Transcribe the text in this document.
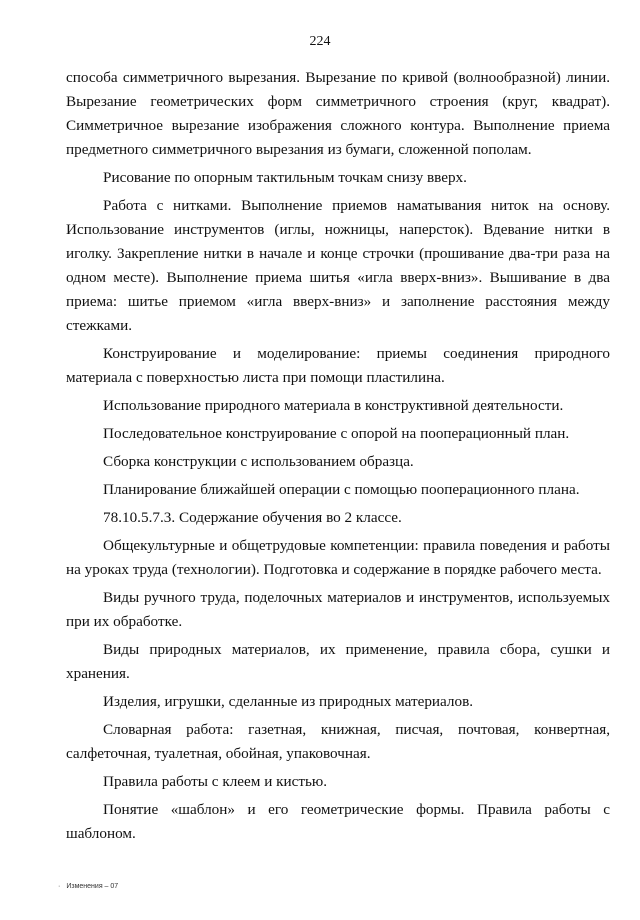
224

способа симметричного вырезания. Вырезание по кривой (волнообразной) линии. Вырезание геометрических форм симметричного строения (круг, квадрат). Симметричное вырезание изображения сложного контура. Выполнение приема предметного симметричного вырезания из бумаги, сложенной пополам.

Рисование по опорным тактильным точкам снизу вверх.

Работа с нитками. Выполнение приемов наматывания ниток на основу. Использование инструментов (иглы, ножницы, наперсток). Вдевание нитки в иголку. Закрепление нитки в начале и конце строчки (прошивание два-три раза на одном месте). Выполнение приема шитья «игла вверх-вниз». Вышивание в два приема: шитье приемом «игла вверх-вниз» и заполнение расстояния между стежками.

Конструирование и моделирование: приемы соединения природного материала с поверхностью листа при помощи пластилина.

Использование природного материала в конструктивной деятельности.

Последовательное конструирование с опорой на пооперационный план.

Сборка конструкции с использованием образца.

Планирование ближайшей операции с помощью пооперационного плана.

78.10.5.7.3. Содержание обучения во 2 классе.

Общекультурные и общетрудовые компетенции: правила поведения и работы на уроках труда (технологии). Подготовка и содержание в порядке рабочего места.

Виды ручного труда, поделочных материалов и инструментов, используемых при их обработке.

Виды природных материалов, их применение, правила сбора, сушки и хранения.

Изделия, игрушки, сделанные из природных материалов.

Словарная работа: газетная, книжная, писчая, почтовая, конвертная, салфеточная, туалетная, обойная, упаковочная.

Правила работы с клеем и кистью.

Понятие «шаблон» и его геометрические формы. Правила работы с шаблоном.

· Изменения – 07
